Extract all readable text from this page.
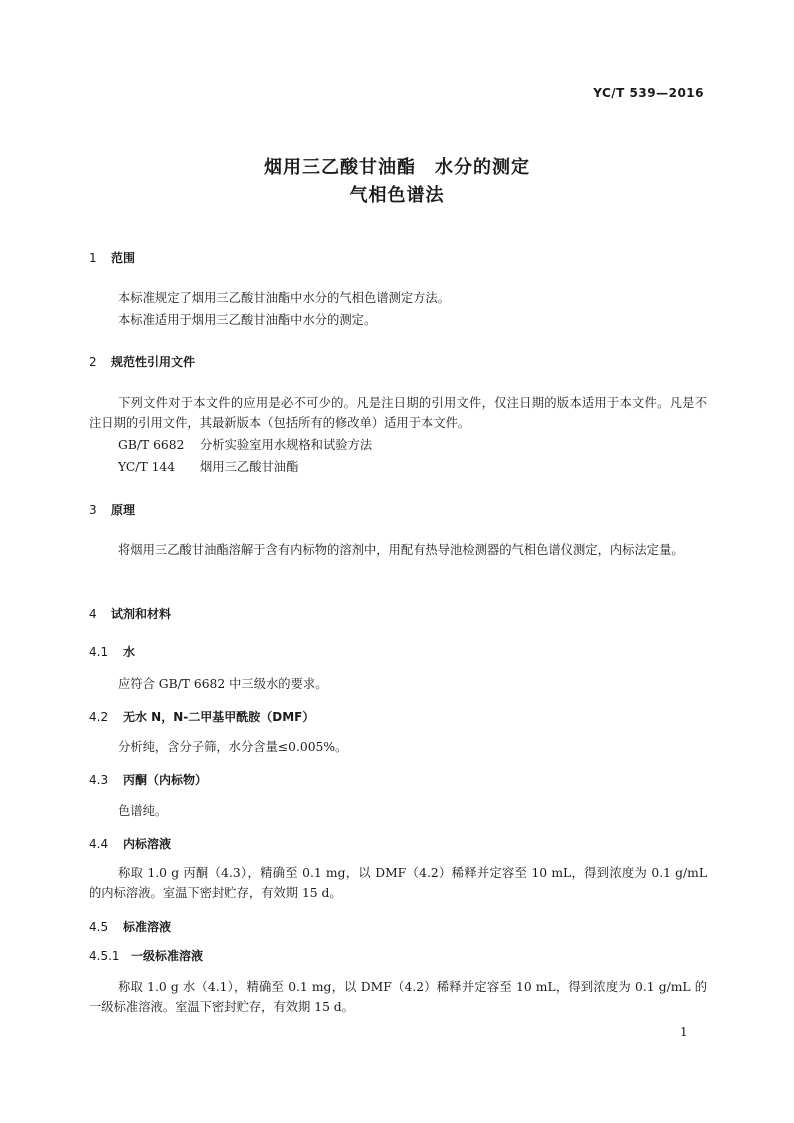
YC/T 539—2016
烟用三乙酸甘油酯　水分的测定
气相色谱法
1 范围
本标准规定了烟用三乙酸甘油酯中水分的气相色谱测定方法。
本标准适用于烟用三乙酸甘油酯中水分的测定。
2 规范性引用文件
下列文件对于本文件的应用是必不可少的。凡是注日期的引用文件，仅注日期的版本适用于本文件。凡是不注日期的引用文件，其最新版本（包括所有的修改单）适用于本文件。
GB/T 6682 分析实验室用水规格和试验方法
YC/T 144 烟用三乙酸甘油酯
3 原理
将烟用三乙酸甘油酯溶解于含有内标物的溶剂中，用配有热导池检测器的气相色谱仪测定，内标法定量。
4 试剂和材料
4.1 水
应符合 GB/T 6682 中三级水的要求。
4.2 无水 N，N-二甲基甲酰胺（DMF）
分析纯，含分子筛，水分含量≤0.005%。
4.3 丙酮（内标物）
色谱纯。
4.4 内标溶液
称取 1.0 g 丙酮（4.3），精确至 0.1 mg，以 DMF（4.2）稀释并定容至 10 mL，得到浓度为 0.1 g/mL 的内标溶液。室温下密封贮存，有效期 15 d。
4.5 标准溶液
4.5.1 一级标准溶液
称取 1.0 g 水（4.1），精确至 0.1 mg，以 DMF（4.2）稀释并定容至 10 mL，得到浓度为 0.1 g/mL 的一级标准溶液。室温下密封贮存，有效期 15 d。
1
